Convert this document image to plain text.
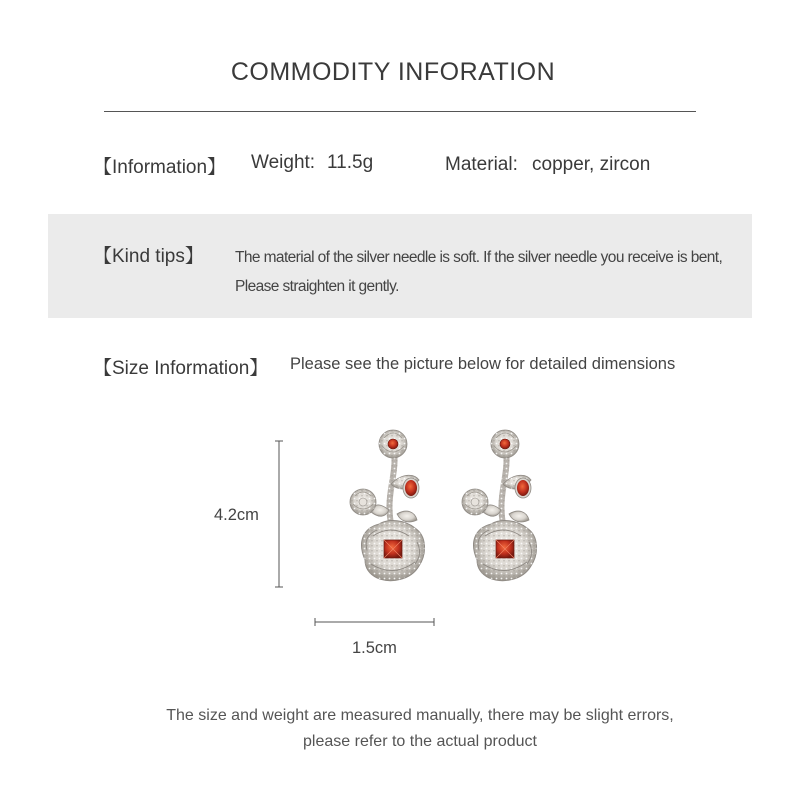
COMMODITY INFORATION
【Information】 Weight: 11.5g	Material: copper, zircon
【Kind tips】 The material of the silver needle is soft. If the silver needle you receive is bent,
Please straighten it gently.
【Size Information】 Please see the picture below for detailed dimensions
4.2cm
1.5cm
The size and weight are measured manually, there may be slight errors,
please refer to the actual product
